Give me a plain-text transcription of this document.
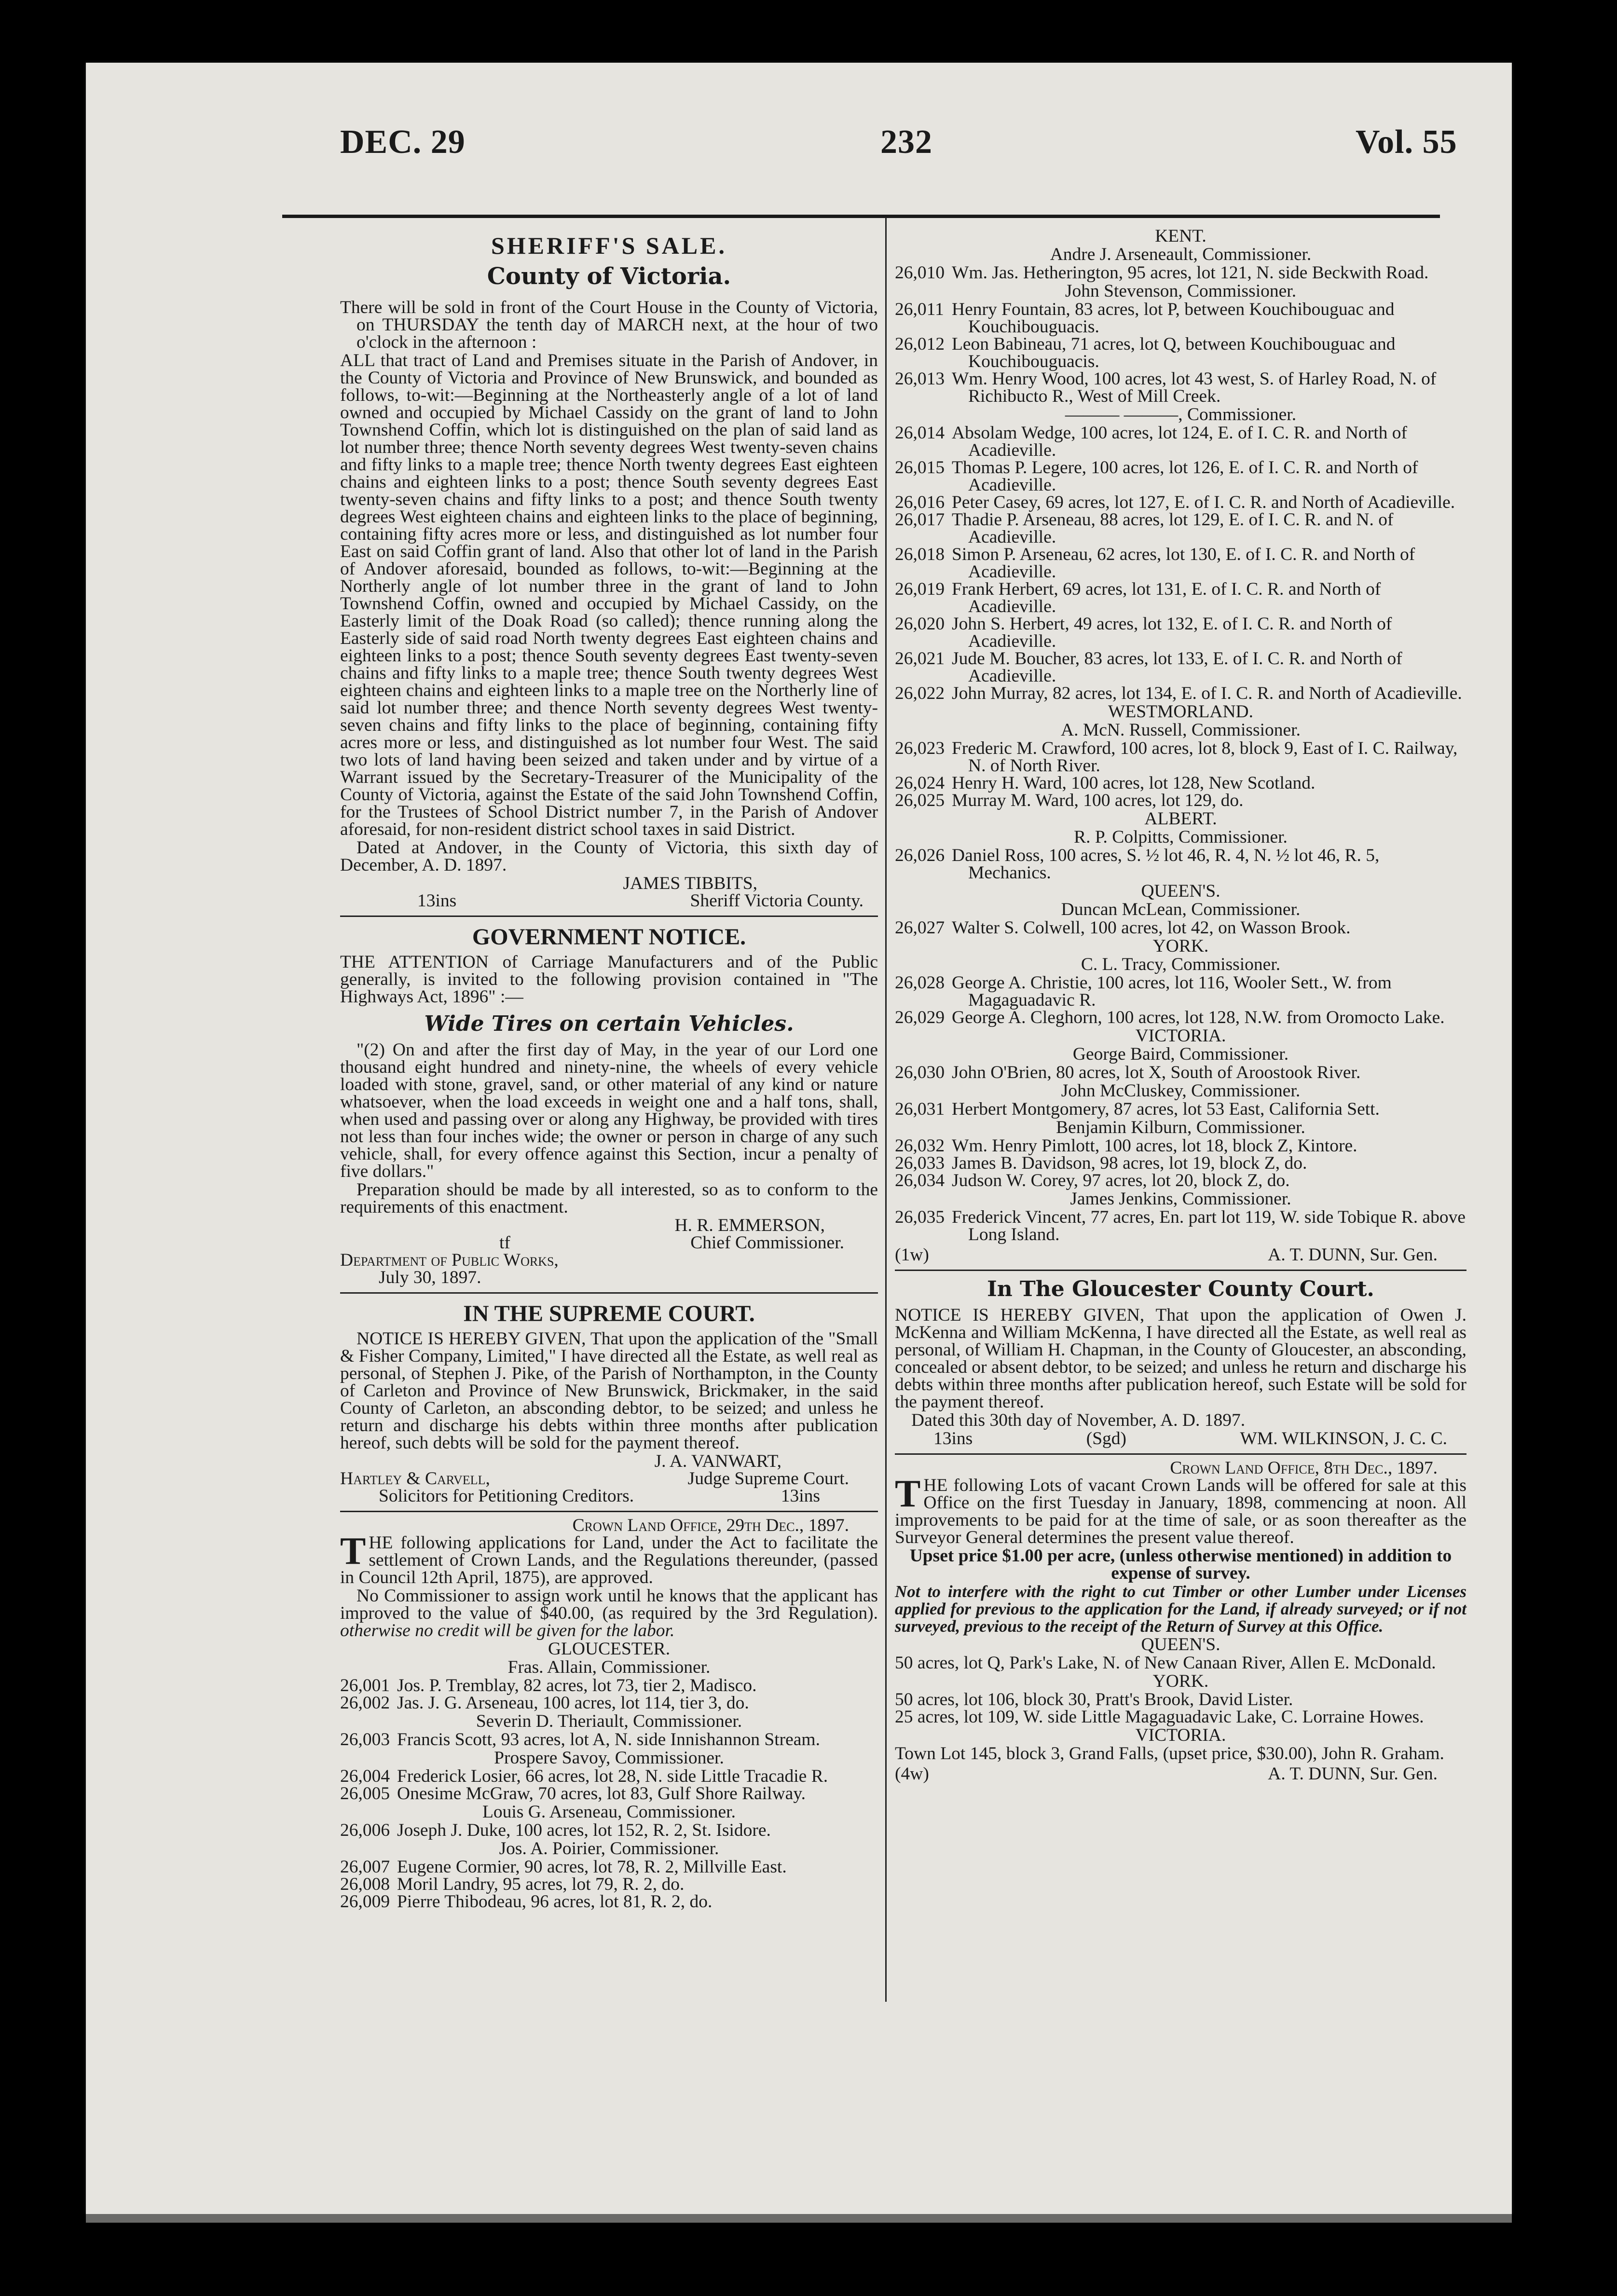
DEC. 29	232	Vol. 55
SHERIFF'S SALE.
County of Victoria.

There will be sold in front of the Court House in the County of Victoria, on THURSDAY the tenth day of MARCH next, at the hour of two o'clock in the afternoon :

ALL that tract of Land and Premises situate in the Parish of Andover, in the County of Victoria and Province of New Brunswick, and bounded as follows, to-wit:—Beginning at the Northeasterly angle of a lot of land owned and occupied by Michael Cassidy on the grant of land to John Townshend Coffin, which lot is distinguished on the plan of said land as lot number three; thence North seventy degrees West twenty-seven chains and fifty links to a maple tree; thence North twenty degrees East eighteen chains and eighteen links to a post; thence South seventy degrees East twenty-seven chains and fifty links to a post; and thence South twenty degrees West eighteen chains and eighteen links to the place of beginning, containing fifty acres more or less, and distinguished as lot number four East on said Coffin grant of land. Also that other lot of land in the Parish of Andover aforesaid, bounded as follows, to-wit:—Beginning at the Northerly angle of lot number three in the grant of land to John Townshend Coffin, owned and occupied by Michael Cassidy, on the Easterly limit of the Doak Road (so called); thence running along the Easterly side of said road North twenty degrees East eighteen chains and eighteen links to a post; thence South seventy degrees East twenty-seven chains and fifty links to a maple tree; thence South twenty degrees West eighteen chains and eighteen links to a maple tree on the Northerly line of said lot number three; and thence North seventy degrees West twenty-seven chains and fifty links to the place of beginning, containing fifty acres more or less, and distinguished as lot number four West. The said two lots of land having been seized and taken under and by virtue of a Warrant issued by the Secretary-Treasurer of the Municipality of the County of Victoria, against the Estate of the said John Townshend Coffin, for the Trustees of School District number 7, in the Parish of Andover aforesaid, for non-resident district school taxes in said District.

Dated at Andover, in the County of Victoria, this sixth day of December, A. D. 1897.

JAMES TIBBITS,
13ins	Sheriff Victoria County.
GOVERNMENT NOTICE.

THE ATTENTION of Carriage Manufacturers and of the Public generally, is invited to the following provision contained in "The Highways Act, 1896" :—

Wide Tires on certain Vehicles.

"(2) On and after the first day of May, in the year of our Lord one thousand eight hundred and ninety-nine, the wheels of every vehicle loaded with stone, gravel, sand, or other material of any kind or nature whatsoever, when the load exceeds in weight one and a half tons, shall, when used and passing over or along any Highway, be provided with tires not less than four inches wide; the owner or person in charge of any such vehicle, shall, for every offence against this Section, incur a penalty of five dollars."

Preparation should be made by all interested, so as to conform to the requirements of this enactment.

H. R. EMMERSON,
tf	Chief Commissioner.
Department of Public Works,
July 30, 1897.
IN THE SUPREME COURT.

NOTICE IS HEREBY GIVEN, That upon the application of the "Small & Fisher Company, Limited," I have directed all the Estate, as well real as personal, of Stephen J. Pike, of the Parish of Northampton, in the County of Carleton and Province of New Brunswick, Brickmaker, in the said County of Carleton, an absconding debtor, to be seized; and unless he return and discharge his debts within three months after publication hereof, such debts will be sold for the payment thereof.

J. A. VANWART,
Hartley & Carvell,	Judge Supreme Court.
Solicitors for Petitioning Creditors.	13ins
Crown Land Office, 29th Dec., 1897.

THE following applications for Land, under the Act to facilitate the settlement of Crown Lands, and the Regulations thereunder, (passed in Council 12th April, 1875), are approved.

No Commissioner to assign work until he knows that the applicant has improved to the value of $40.00, (as required by the 3rd Regulation). otherwise no credit will be given for the labor.

GLOUCESTER.
Fras. Allain, Commissioner.
26,001 Jos. P. Tremblay, 82 acres, lot 73, tier 2, Madisco.
26,002 Jas. J. G. Arseneau, 100 acres, lot 114, tier 3, do.
Severin D. Theriault, Commissioner.
26,003 Francis Scott, 93 acres, lot A, N. side Innishannon Stream.
Prospere Savoy, Commissioner.
26,004 Frederick Losier, 66 acres, lot 28, N. side Little Tracadie R.
26,005 Onesime McGraw, 70 acres, lot 83, Gulf Shore Railway.
Louis G. Arseneau, Commissioner.
26,006 Joseph J. Duke, 100 acres, lot 152, R. 2, St. Isidore.
Jos. A. Poirier, Commissioner.
26,007 Eugene Cormier, 90 acres, lot 78, R. 2, Millville East.
26,008 Moril Landry, 95 acres, lot 79, R. 2, do.
26,009 Pierre Thibodeau, 96 acres, lot 81, R. 2, do.
KENT.
Andre J. Arseneault, Commissioner.
26,010 Wm. Jas. Hetherington, 95 acres, lot 121, N. side Beckwith Road.
John Stevenson, Commissioner.
26,011 Henry Fountain, 83 acres, lot P, between Kouchibouguac and Kouchibouguacis.
26,012 Leon Babineau, 71 acres, lot Q, between Kouchibouguac and Kouchibouguacis.
26,013 Wm. Henry Wood, 100 acres, lot 43 west, S. of Harley Road, N. of Richibucto R., West of Mill Creek.
——— ———, Commissioner.
26,014 Absolam Wedge, 100 acres, lot 124, E. of I. C. R. and North of Acadieville.
26,015 Thomas P. Legere, 100 acres, lot 126, E. of I. C. R. and North of Acadieville.
26,016 Peter Casey, 69 acres, lot 127, E. of I. C. R. and North of Acadieville.
26,017 Thadie P. Arseneau, 88 acres, lot 129, E. of I. C. R. and N. of Acadieville.
26,018 Simon P. Arseneau, 62 acres, lot 130, E. of I. C. R. and North of Acadieville.
26,019 Frank Herbert, 69 acres, lot 131, E. of I. C. R. and North of Acadieville.
26,020 John S. Herbert, 49 acres, lot 132, E. of I. C. R. and North of Acadieville.
26,021 Jude M. Boucher, 83 acres, lot 133, E. of I. C. R. and North of Acadieville.
26,022 John Murray, 82 acres, lot 134, E. of I. C. R. and North of Acadieville.
WESTMORLAND.
A. McN. Russell, Commissioner.
26,023 Frederic M. Crawford, 100 acres, lot 8, block 9, East of I. C. Railway, N. of North River.
26,024 Henry H. Ward, 100 acres, lot 128, New Scotland.
26,025 Murray M. Ward, 100 acres, lot 129, do.
ALBERT.
R. P. Colpitts, Commissioner.
26,026 Daniel Ross, 100 acres, S. ½ lot 46, R. 4, N. ½ lot 46, R. 5, Mechanics.
QUEEN'S.
Duncan McLean, Commissioner.
26,027 Walter S. Colwell, 100 acres, lot 42, on Wasson Brook.
YORK.
C. L. Tracy, Commissioner.
26,028 George A. Christie, 100 acres, lot 116, Wooler Sett., W. from Magaguadavic R.
26,029 George A. Cleghorn, 100 acres, lot 128, N.W. from Oromocto Lake.
VICTORIA.
George Baird, Commissioner.
26,030 John O'Brien, 80 acres, lot X, South of Aroostook River.
John McCluskey, Commissioner.
26,031 Herbert Montgomery, 87 acres, lot 53 East, California Sett.
Benjamin Kilburn, Commissioner.
26,032 Wm. Henry Pimlott, 100 acres, lot 18, block Z, Kintore.
26,033 James B. Davidson, 98 acres, lot 19, block Z, do.
26,034 Judson W. Corey, 97 acres, lot 20, block Z, do.
James Jenkins, Commissioner.
26,035 Frederick Vincent, 77 acres, En. part lot 119, W. side Tobique R. above Long Island.
(1w)	A. T. DUNN, Sur. Gen.
In The Gloucester County Court.

NOTICE IS HEREBY GIVEN, That upon the application of Owen J. McKenna and William McKenna, I have directed all the Estate, as well real as personal, of William H. Chapman, in the County of Gloucester, an absconding, concealed or absent debtor, to be seized; and unless he return and discharge his debts within three months after publication hereof, such Estate will be sold for the payment thereof.

Dated this 30th day of November, A. D. 1897.

13ins	(Sgd)	WM. WILKINSON, J. C. C.
Crown Land Office, 8th Dec., 1897.

THE following Lots of vacant Crown Lands will be offered for sale at this Office on the first Tuesday in January, 1898, commencing at noon. All improvements to be paid for at the time of sale, or as soon thereafter as the Surveyor General determines the present value thereof.

Upset price $1.00 per acre, (unless otherwise mentioned) in addition to expense of survey.

Not to interfere with the right to cut Timber or other Lumber under Licenses applied for previous to the application for the Land, if already surveyed; or if not surveyed, previous to the receipt of the Return of Survey at this Office.

QUEEN'S.
50 acres, lot Q, Park's Lake, N. of New Canaan River, Allen E. McDonald.
YORK.
50 acres, lot 106, block 30, Pratt's Brook, David Lister.
25 acres, lot 109, W. side Little Magaguadavic Lake, C. Lorraine Howes.
VICTORIA.
Town Lot 145, block 3, Grand Falls, (upset price, $30.00), John R. Graham.
(4w)	A. T. DUNN, Sur. Gen.
